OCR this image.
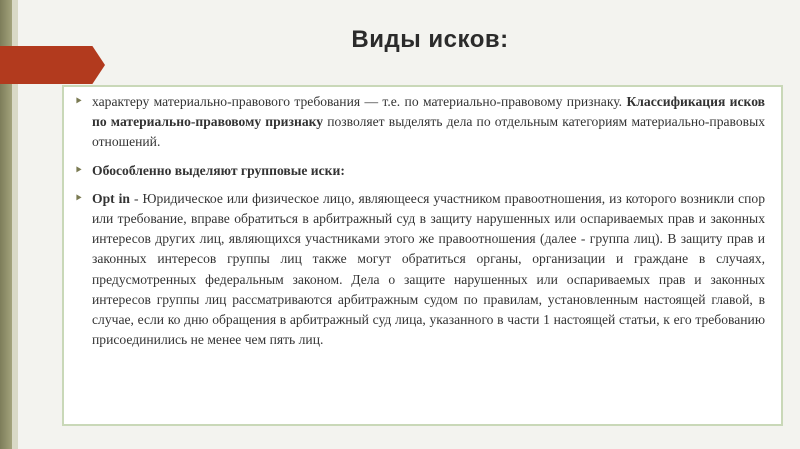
Виды исков:

⯈ характеру материально-правового требования — т.е. по материально-правовому признаку. Классификация исков по материально-правовому признаку позволяет выделять дела по отдельным категориям материально-правовых отношений.

⯈ Обособленно выделяют групповые иски:

⯈ Opt in - Юридическое или физическое лицо, являющееся участником правоотношения, из которого возникли спор или требование, вправе обратиться в арбитражный суд в защиту нарушенных или оспариваемых прав и законных интересов других лиц, являющихся участниками этого же правоотношения (далее - группа лиц). В защиту прав и законных интересов группы лиц также могут обратиться органы, организации и граждане в случаях, предусмотренных федеральным законом. Дела о защите нарушенных или оспариваемых прав и законных интересов группы лиц рассматриваются арбитражным судом по правилам, установленным настоящей главой, в случае, если ко дню обращения в арбитражный суд лица, указанного в части 1 настоящей статьи, к его требованию присоединились не менее чем пять лиц.
